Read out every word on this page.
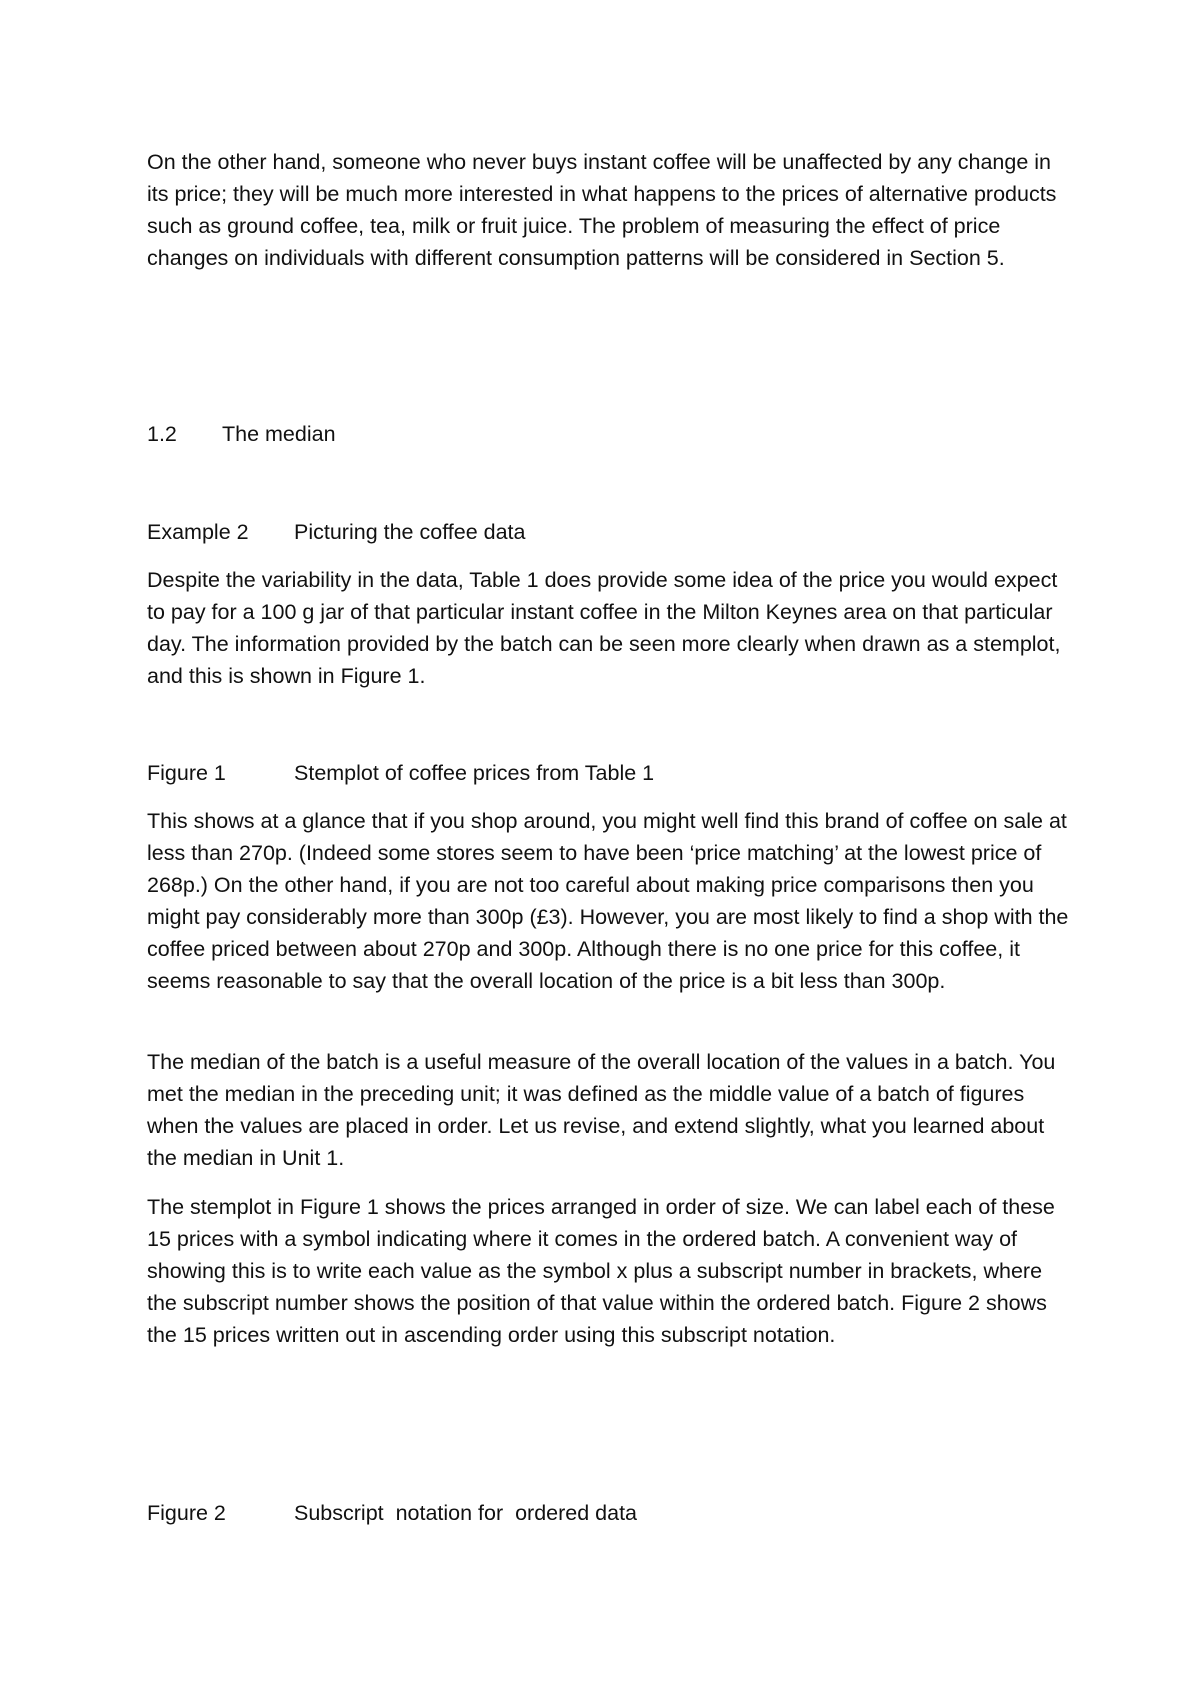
On the other hand, someone who never buys instant coffee will be unaffected by any change in its price; they will be much more interested in what happens to the prices of alternative products such as ground coffee, tea, milk or fruit juice. The problem of measuring the effect of price changes on individuals with different consumption patterns will be considered in Section 5.

1.2 The median
Example 2 Picturing the coffee data

Despite the variability in the data, Table 1 does provide some idea of the price you would expect to pay for a 100 g jar of that particular instant coffee in the Milton Keynes area on that particular day. The information provided by the batch can be seen more clearly when drawn as a stemplot, and this is shown in Figure 1.

Figure 1	Stemplot of coffee prices from Table 1

This shows at a glance that if you shop around, you might well find this brand of coffee on sale at less than 270p. (Indeed some stores seem to have been ‘price matching’ at the lowest price of 268p.) On the other hand, if you are not too careful about making price comparisons then you might pay considerably more than 300p (£3). However, you are most likely to find a shop with the coffee priced between about 270p and 300p. Although there is no one price for this coffee, it seems reasonable to say that the overall location of the price is a bit less than 300p.

The median of the batch is a useful measure of the overall location of the values in a batch. You met the median in the preceding unit; it was defined as the middle value of a batch of figures when the values are placed in order. Let us revise, and extend slightly, what you learned about the median in Unit 1.

The stemplot in Figure 1 shows the prices arranged in order of size. We can label each of these 15 prices with a symbol indicating where it comes in the ordered batch. A convenient way of showing this is to write each value as the symbol x plus a subscript number in brackets, where the subscript number shows the position of that value within the ordered batch. Figure 2 shows the 15 prices written out in ascending order using this subscript notation.

Figure 2	Subscript  notation for  ordered data
